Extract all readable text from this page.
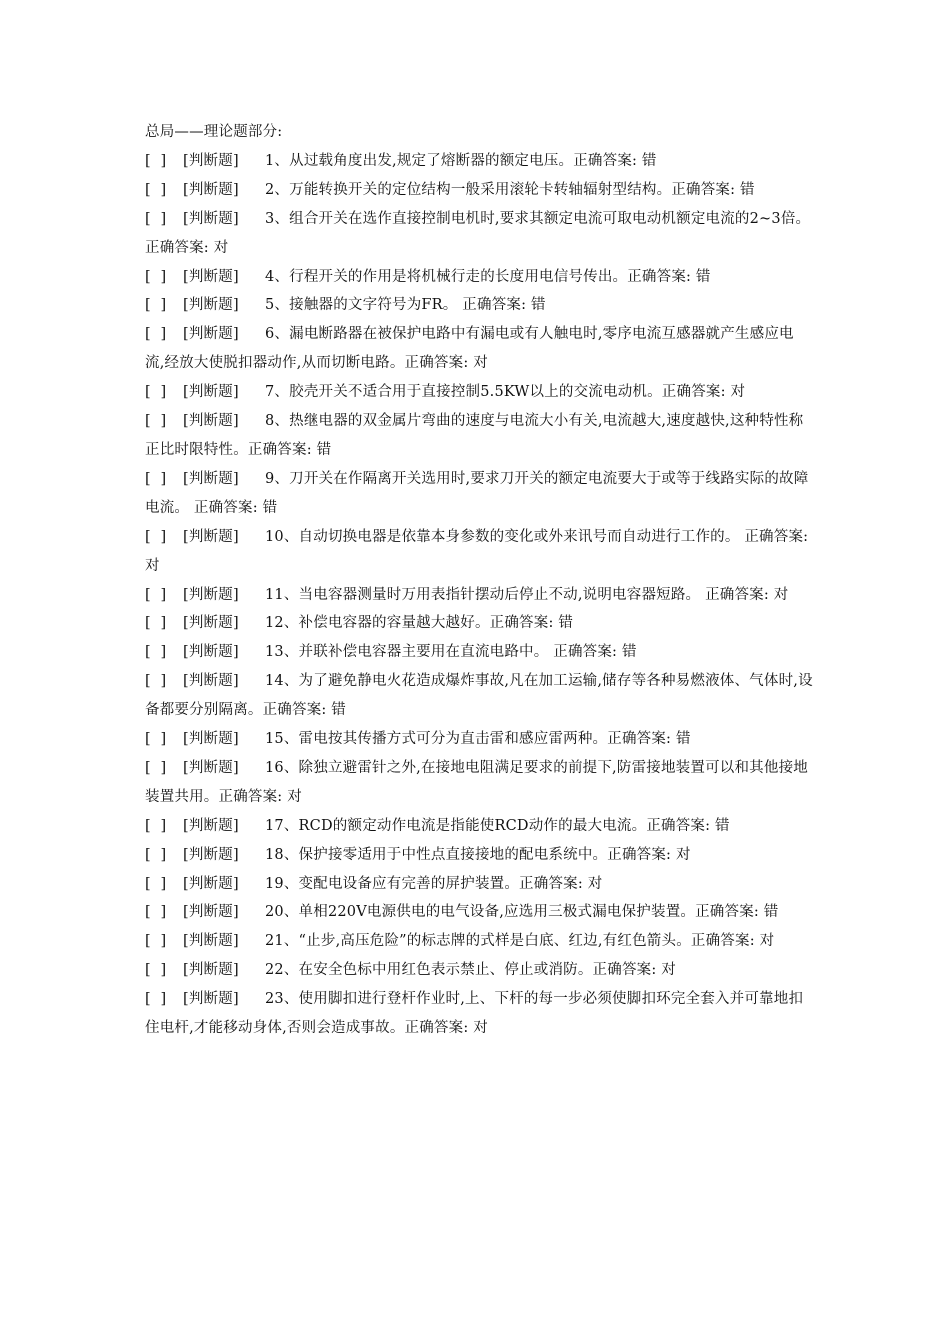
总局——理论题部分:
[  ] [判断题] 1、从过载角度出发,规定了熔断器的额定电压。正确答案: 错
[  ] [判断题] 2、万能转换开关的定位结构一般采用滚轮卡转轴辐射型结构。正确答案: 错
[  ] [判断题] 3、组合开关在选作直接控制电机时,要求其额定电流可取电动机额定电流的2~3倍。正确答案: 对
[  ] [判断题] 4、行程开关的作用是将机械行走的长度用电信号传出。正确答案: 错
[  ] [判断题] 5、接触器的文字符号为FR。 正确答案: 错
[  ] [判断题] 6、漏电断路器在被保护电路中有漏电或有人触电时,零序电流互感器就产生感应电流,经放大使脱扣器动作,从而切断电路。正确答案: 对
[  ] [判断题] 7、胶壳开关不适合用于直接控制5.5KW以上的交流电动机。正确答案: 对
[  ] [判断题] 8、热继电器的双金属片弯曲的速度与电流大小有关,电流越大,速度越快,这种特性称正比时限特性。正确答案: 错
[  ] [判断题] 9、刀开关在作隔离开关选用时,要求刀开关的额定电流要大于或等于线路实际的故障电流。 正确答案: 错
[  ] [判断题] 10、自动切换电器是依靠本身参数的变化或外来讯号而自动进行工作的。 正确答案: 对
[  ] [判断题] 11、当电容器测量时万用表指针摆动后停止不动,说明电容器短路。 正确答案: 对
[  ] [判断题] 12、补偿电容器的容量越大越好。正确答案: 错
[  ] [判断题] 13、并联补偿电容器主要用在直流电路中。 正确答案: 错
[  ] [判断题] 14、为了避免静电火花造成爆炸事故,凡在加工运输,储存等各种易燃液体、气体时,设备都要分别隔离。正确答案: 错
[  ] [判断题] 15、雷电按其传播方式可分为直击雷和感应雷两种。正确答案: 错
[  ] [判断题] 16、除独立避雷针之外,在接地电阻满足要求的前提下,防雷接地装置可以和其他接地装置共用。正确答案: 对
[  ] [判断题] 17、RCD的额定动作电流是指能使RCD动作的最大电流。正确答案: 错
[  ] [判断题] 18、保护接零适用于中性点直接接地的配电系统中。正确答案: 对
[  ] [判断题] 19、变配电设备应有完善的屏护装置。正确答案: 对
[  ] [判断题] 20、单相220V电源供电的电气设备,应选用三极式漏电保护装置。正确答案: 错
[  ] [判断题] 21、“止步,高压危险”的标志牌的式样是白底、红边,有红色箭头。正确答案: 对
[  ] [判断题] 22、在安全色标中用红色表示禁止、停止或消防。正确答案: 对
[  ] [判断题] 23、使用脚扣进行登杆作业时,上、下杆的每一步必须使脚扣环完全套入并可靠地扣住电杆,才能移动身体,否则会造成事故。正确答案: 对
